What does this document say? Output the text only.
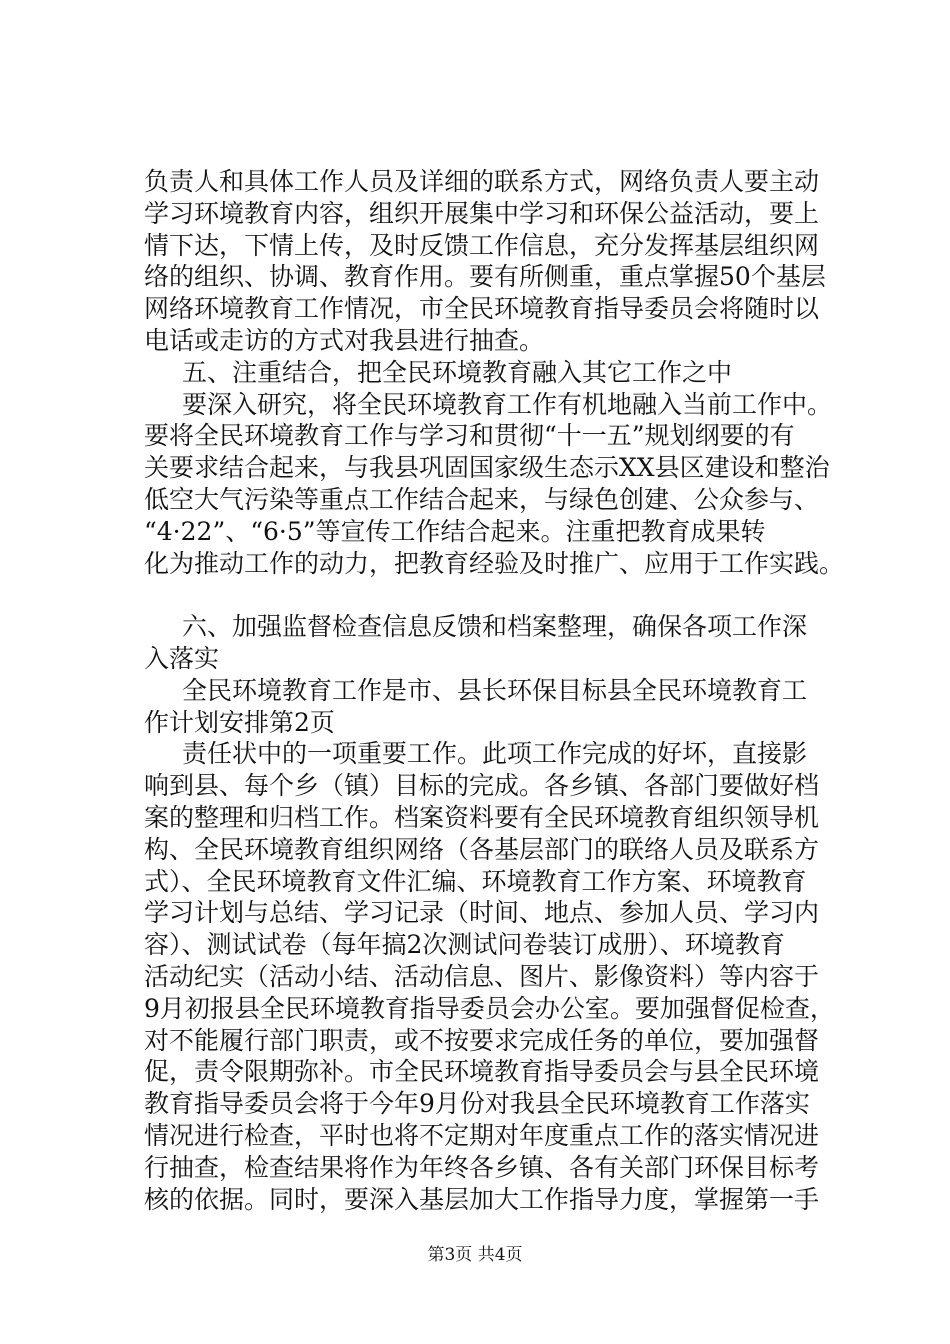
负责人和具体工作人员及详细的联系方式，网络负责人要主动
学习环境教育内容，组织开展集中学习和环保公益活动，要上
情下达，下情上传，及时反馈工作信息，充分发挥基层组织网
络的组织、协调、教育作用。要有所侧重，重点掌握50个基层
网络环境教育工作情况，市全民环境教育指导委员会将随时以
电话或走访的方式对我县进行抽查。
五、注重结合，把全民环境教育融入其它工作之中
要深入研究，将全民环境教育工作有机地融入当前工作中。
要将全民环境教育工作与学习和贯彻“十一五”规划纲要的有
关要求结合起来，与我县巩固国家级生态示XX县区建设和整治
低空大气污染等重点工作结合起来，与绿色创建、公众参与、
“4·22”、“6·5”等宣传工作结合起来。注重把教育成果转
化为推动工作的动力，把教育经验及时推广、应用于工作实践。
六、加强监督检查信息反馈和档案整理，确保各项工作深
入落实
全民环境教育工作是市、县长环保目标县全民环境教育工
作计划安排第2页
责任状中的一项重要工作。此项工作完成的好坏，直接影
响到县、每个乡（镇）目标的完成。各乡镇、各部门要做好档
案的整理和归档工作。档案资料要有全民环境教育组织领导机
构、全民环境教育组织网络（各基层部门的联络人员及联系方
式）、全民环境教育文件汇编、环境教育工作方案、环境教育
学习计划与总结、学习记录（时间、地点、参加人员、学习内
容）、测试试卷（每年搞2次测试问卷装订成册）、环境教育
活动纪实（活动小结、活动信息、图片、影像资料）等内容于
9月初报县全民环境教育指导委员会办公室。要加强督促检查，
对不能履行部门职责，或不按要求完成任务的单位，要加强督
促，责令限期弥补。市全民环境教育指导委员会与县全民环境
教育指导委员会将于今年9月份对我县全民环境教育工作落实
情况进行检查，平时也将不定期对年度重点工作的落实情况进
行抽查，检查结果将作为年终各乡镇、各有关部门环保目标考
核的依据。同时，要深入基层加大工作指导力度，掌握第一手
第3页 共4页
